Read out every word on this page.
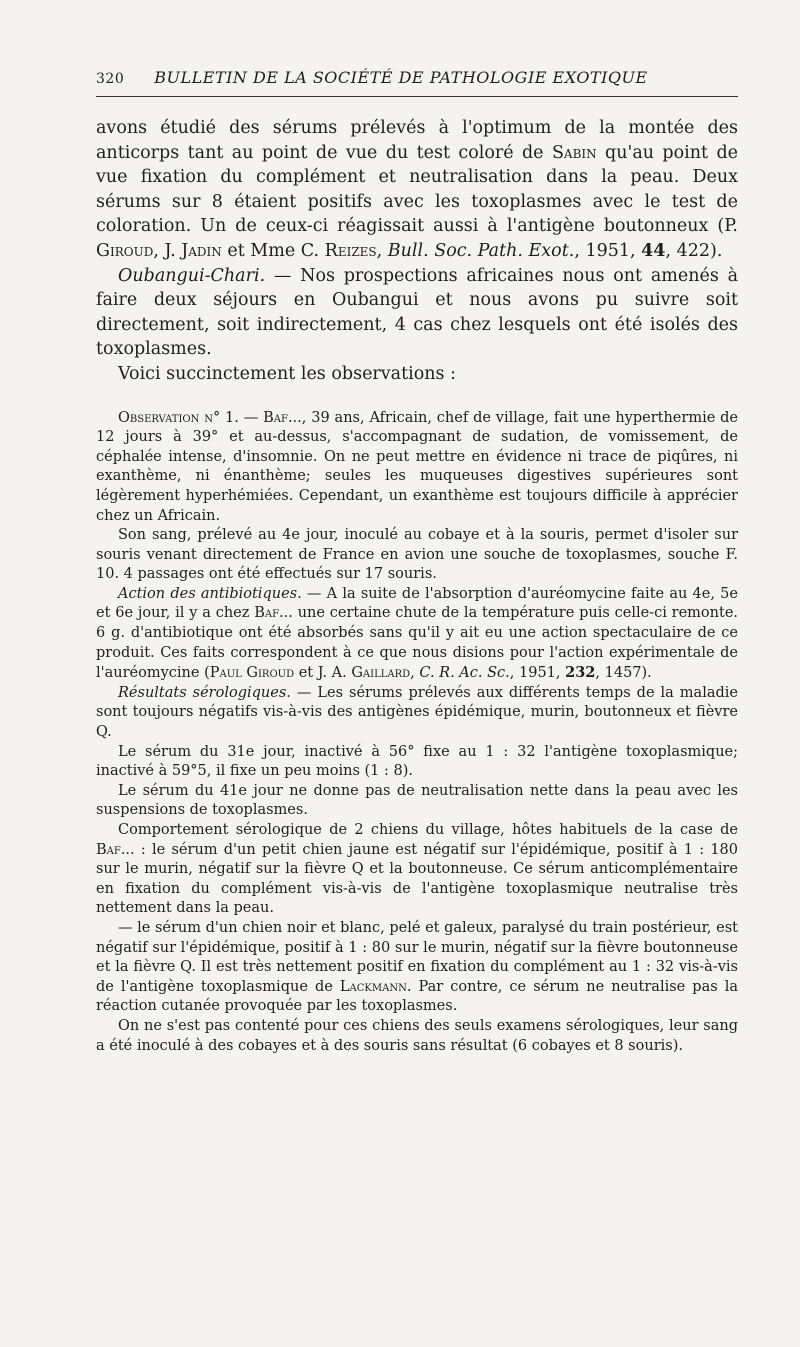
320 BULLETIN DE LA SOCIÉTÉ DE PATHOLOGIE EXOTIQUE

avons étudié des sérums prélevés à l'optimum de la montée des anticorps tant au point de vue du test coloré de Sabin qu'au point de vue fixation du complément et neutralisation dans la peau. Deux sérums sur 8 étaient positifs avec les toxoplasmes avec le test de coloration. Un de ceux-ci réagissait aussi à l'antigène boutonneux (P. Giroud, J. Jadin et Mme C. Reizes, Bull. Soc. Path. Exot., 1951, 44, 422).

Oubangui-Chari. — Nos prospections africaines nous ont amenés à faire deux séjours en Oubangui et nous avons pu suivre soit directement, soit indirectement, 4 cas chez lesquels ont été isolés des toxoplasmes.

Voici succinctement les observations :

Observation n° 1. — Baf..., 39 ans, Africain, chef de village, fait une hyperthermie de 12 jours à 39° et au-dessus, s'accompagnant de sudation, de vomissement, de céphalée intense, d'insomnie. On ne peut mettre en évidence ni trace de piqûres, ni exanthème, ni énanthème; seules les muqueuses digestives supérieures sont légèrement hyperhémiées. Cependant, un exanthème est toujours difficile à apprécier chez un Africain.

Son sang, prélevé au 4e jour, inoculé au cobaye et à la souris, permet d'isoler sur souris venant directement de France en avion une souche de toxoplasmes, souche F. 10. 4 passages ont été effectués sur 17 souris.

Action des antibiotiques. — A la suite de l'absorption d'auréomycine faite au 4e, 5e et 6e jour, il y a chez Baf... une certaine chute de la température puis celle-ci remonte. 6 g. d'antibiotique ont été absorbés sans qu'il y ait eu une action spectaculaire de ce produit. Ces faits correspondent à ce que nous disions pour l'action expérimentale de l'auréomycine (Paul Giroud et J. A. Gaillard, C. R. Ac. Sc., 1951, 232, 1457).

Résultats sérologiques. — Les sérums prélevés aux différents temps de la maladie sont toujours négatifs vis-à-vis des antigènes épidémique, murin, boutonneux et fièvre Q.

Le sérum du 31e jour, inactivé à 56° fixe au 1 : 32 l'antigène toxoplasmique; inactivé à 59°5, il fixe un peu moins (1 : 8).

Le sérum du 41e jour ne donne pas de neutralisation nette dans la peau avec les suspensions de toxoplasmes.

Comportement sérologique de 2 chiens du village, hôtes habituels de la case de Baf... : le sérum d'un petit chien jaune est négatif sur l'épidémique, positif à 1 : 180 sur le murin, négatif sur la fièvre Q et la boutonneuse. Ce sérum anticomplémentaire en fixation du complément vis-à-vis de l'antigène toxoplasmique neutralise très nettement dans la peau.

— le sérum d'un chien noir et blanc, pelé et galeux, paralysé du train postérieur, est négatif sur l'épidémique, positif à 1 : 80 sur le murin, négatif sur la fièvre boutonneuse et la fièvre Q. Il est très nettement positif en fixation du complément au 1 : 32 vis-à-vis de l'antigène toxoplasmique de Lackmann. Par contre, ce sérum ne neutralise pas la réaction cutanée provoquée par les toxoplasmes.

On ne s'est pas contenté pour ces chiens des seuls examens sérologiques, leur sang a été inoculé à des cobayes et à des souris sans résultat (6 cobayes et 8 souris).
